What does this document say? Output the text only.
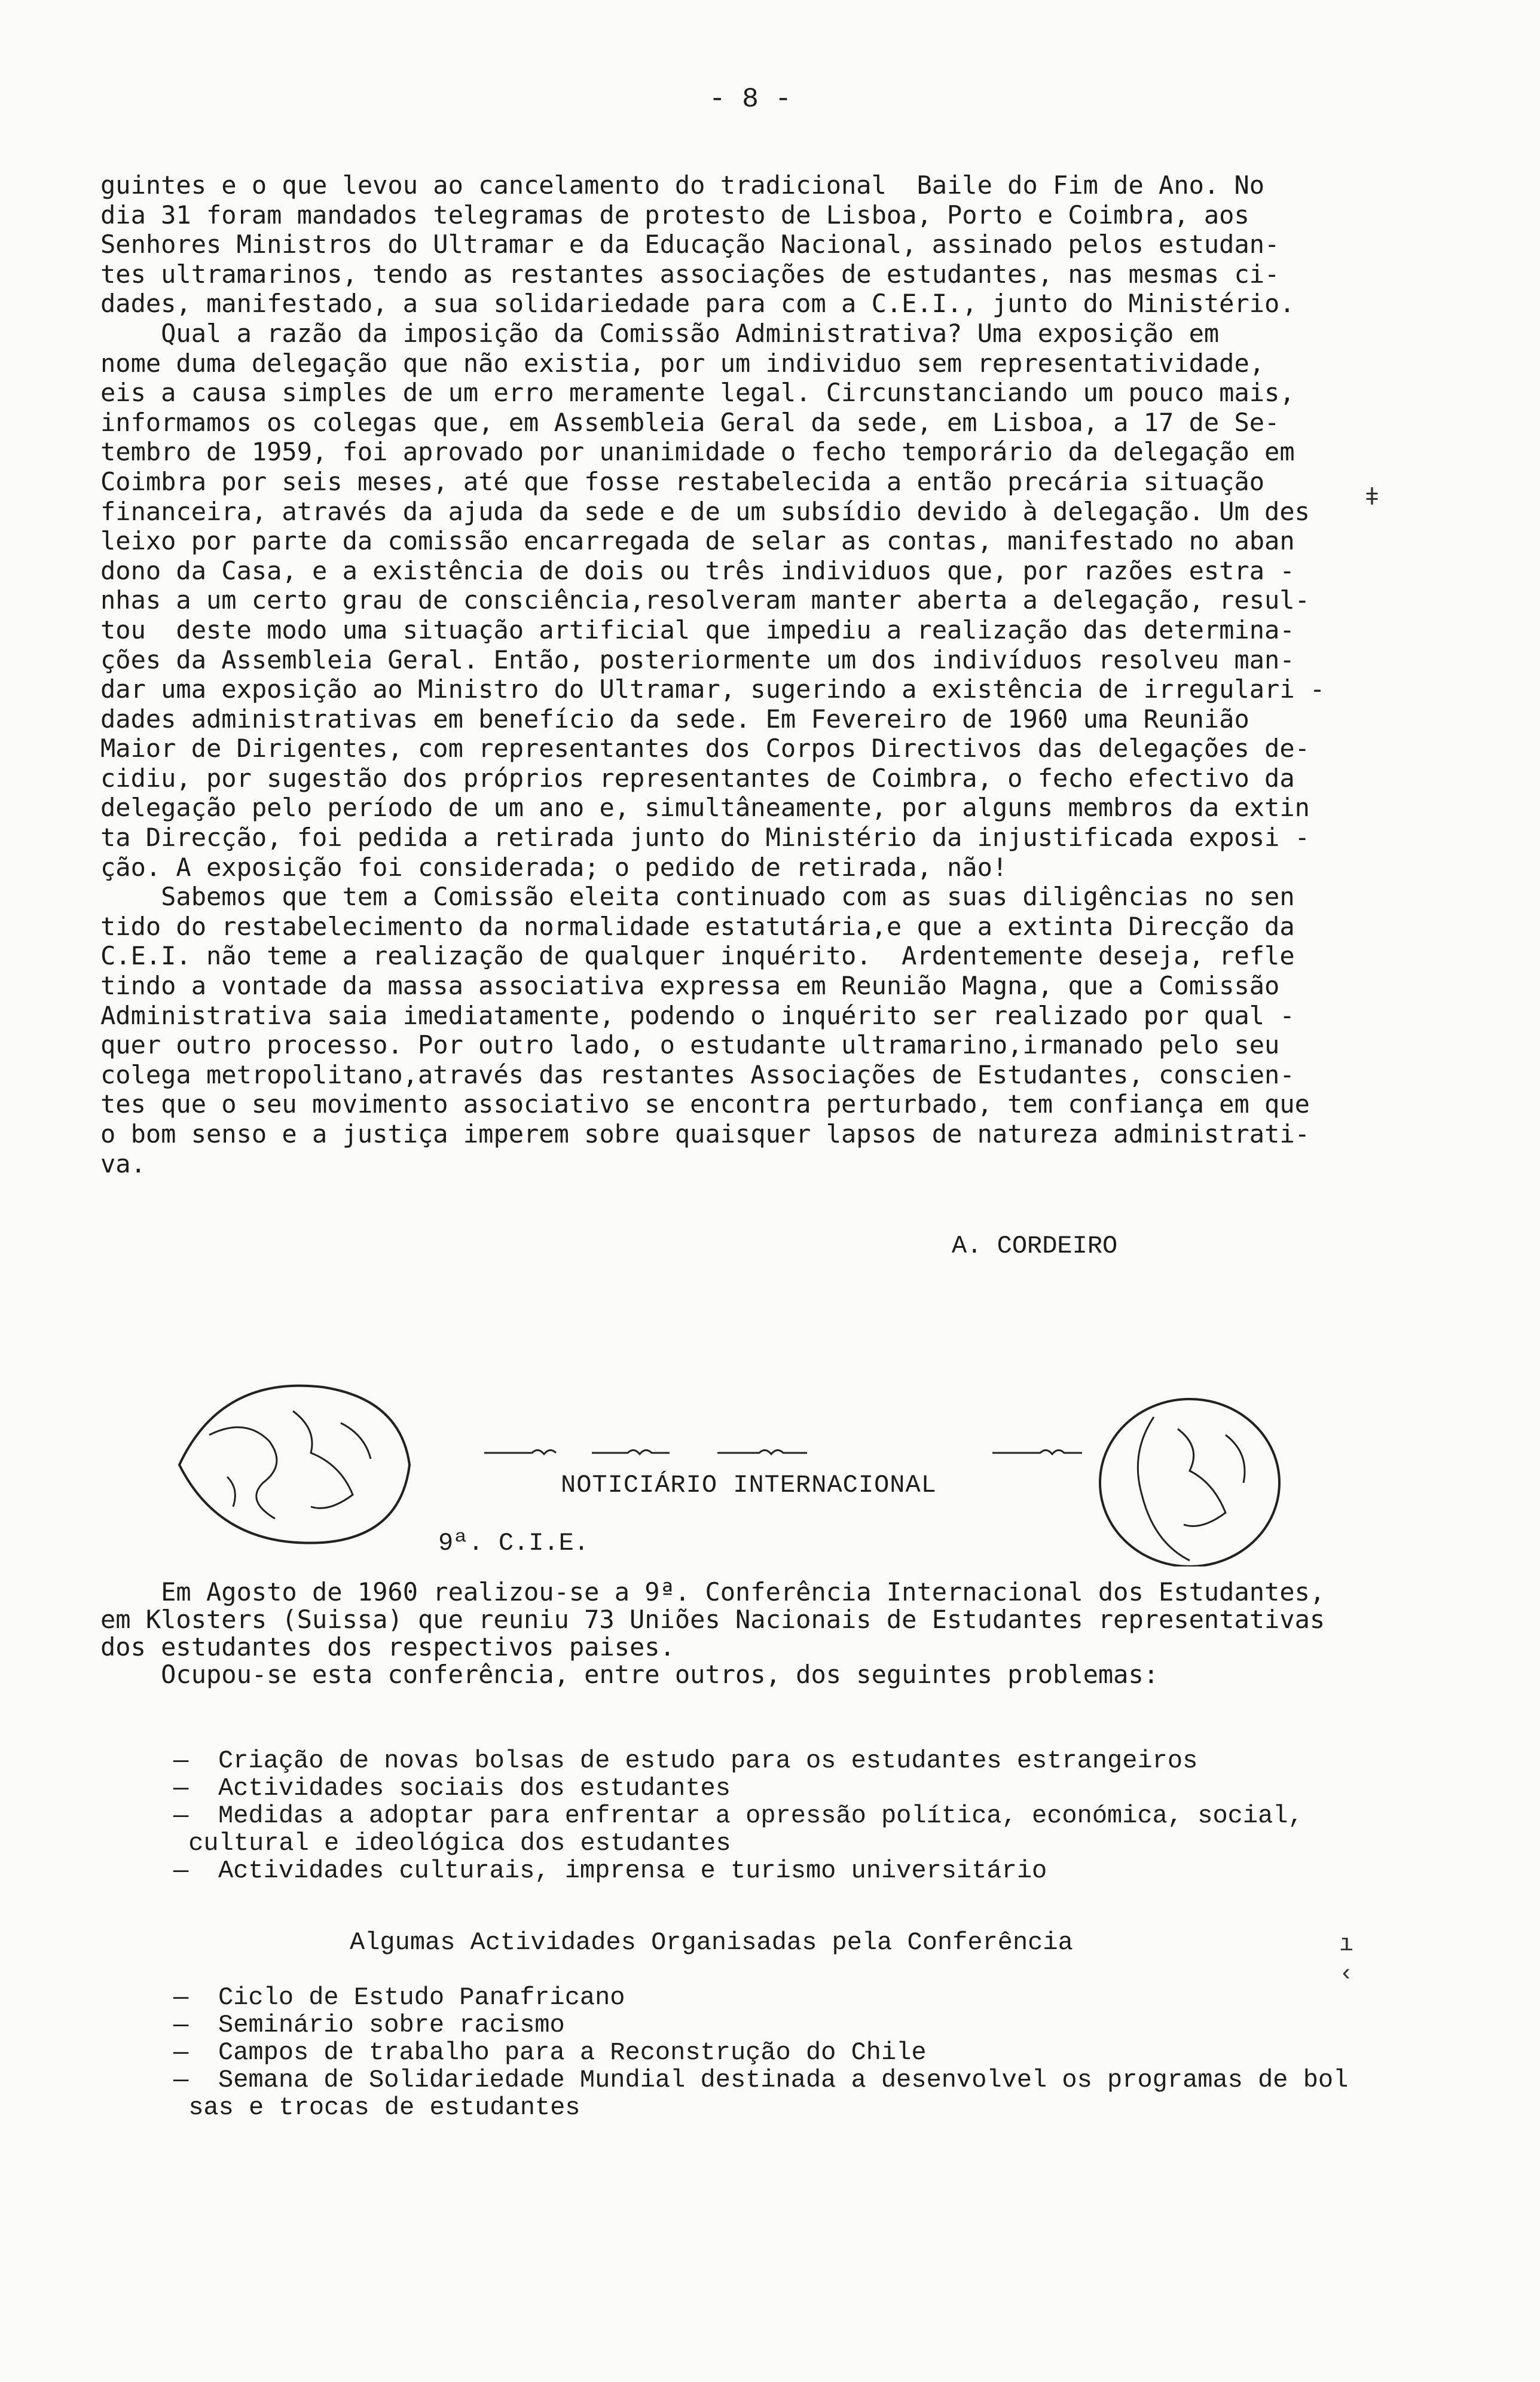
- 8 -
guintes e o que levou ao cancelamento do tradicional  Baile do Fim de Ano. No
dia 31 foram mandados telegramas de protesto de Lisboa, Porto e Coimbra, aos
Senhores Ministros do Ultramar e da Educação Nacional, assinado pelos estudan-
tes ultramarinos, tendo as restantes associações de estudantes, nas mesmas ci-
dades, manifestado, a sua solidariedade para com a C.E.I., junto do Ministério.
Qual a razão da imposição da Comissão Administrativa? Uma exposição em
nome duma delegação que não existia, por um individuo sem representatividade,
eis a causa simples de um erro meramente legal. Circunstanciando um pouco mais,
informamos os colegas que, em Assembleia Geral da sede, em Lisboa, a 17 de Se-
tembro de 1959, foi aprovado por unanimidade o fecho temporário da delegação em
Coimbra por seis meses, até que fosse restabelecida a então precária situação
financeira, através da ajuda da sede e de um subsídio devido à delegação. Um des
leixo por parte da comissão encarregada de selar as contas, manifestado no aban
dono da Casa, e a existência de dois ou três individuos que, por razões estra -
nhas a um certo grau de consciência,resolveram manter aberta a delegação, resul-
tou  deste modo uma situação artificial que impediu a realização das determina-
ções da Assembleia Geral. Então, posteriormente um dos indivíduos resolveu man-
dar uma exposição ao Ministro do Ultramar, sugerindo a existência de irregulari -
dades administrativas em benefício da sede. Em Fevereiro de 1960 uma Reunião
Maior de Dirigentes, com representantes dos Corpos Directivos das delegações de-
cidiu, por sugestão dos próprios representantes de Coimbra, o fecho efectivo da
delegação pelo período de um ano e, simultâneamente, por alguns membros da extin
ta Direcção, foi pedida a retirada junto do Ministério da injustificada exposi -
ção. A exposição foi considerada; o pedido de retirada, não!
Sabemos que tem a Comissão eleita continuado com as suas diligências no sen
tido do restabelecimento da normalidade estatutária,e que a extinta Direcção da
C.E.I. não teme a realização de qualquer inquérito.  Ardentemente deseja, refle
tindo a vontade da massa associativa expressa em Reunião Magna, que a Comissão
Administrativa saia imediatamente, podendo o inquérito ser realizado por qual -
quer outro processo. Por outro lado, o estudante ultramarino,irmanado pelo seu
colega metropolitano,através das restantes Associações de Estudantes, conscien-
tes que o seu movimento associativo se encontra perturbado, tem confiança em que
o bom senso e a justiça imperem sobre quaisquer lapsos de natureza administrati-
va.
A. CORDEIRO
NOTICIÁRIO INTERNACIONAL
9ª. C.I.E.
Em Agosto de 1960 realizou-se a 9ª. Conferência Internacional dos Estudantes,
em Klosters (Suissa) que reuniu 73 Uniões Nacionais de Estudantes representativas
dos estudantes dos respectivos paises.
Ocupou-se esta conferência, entre outros, dos seguintes problemas:
— Criação de novas bolsas de estudo para os estudantes estrangeiros
— Actividades sociais dos estudantes
— Medidas a adoptar para enfrentar a opressão política, económica, social,
cultural e ideológica dos estudantes
— Actividades culturais, imprensa e turismo universitário
Algumas Actividades Organisadas pela Conferência
— Ciclo de Estudo Panafricano
— Seminário sobre racismo
— Campos de trabalho para a Reconstrução do Chile
— Semana de Solidariedade Mundial destinada a desenvolvel os programas de bol
sas e trocas de estudantes
ǂ
ı
‹
